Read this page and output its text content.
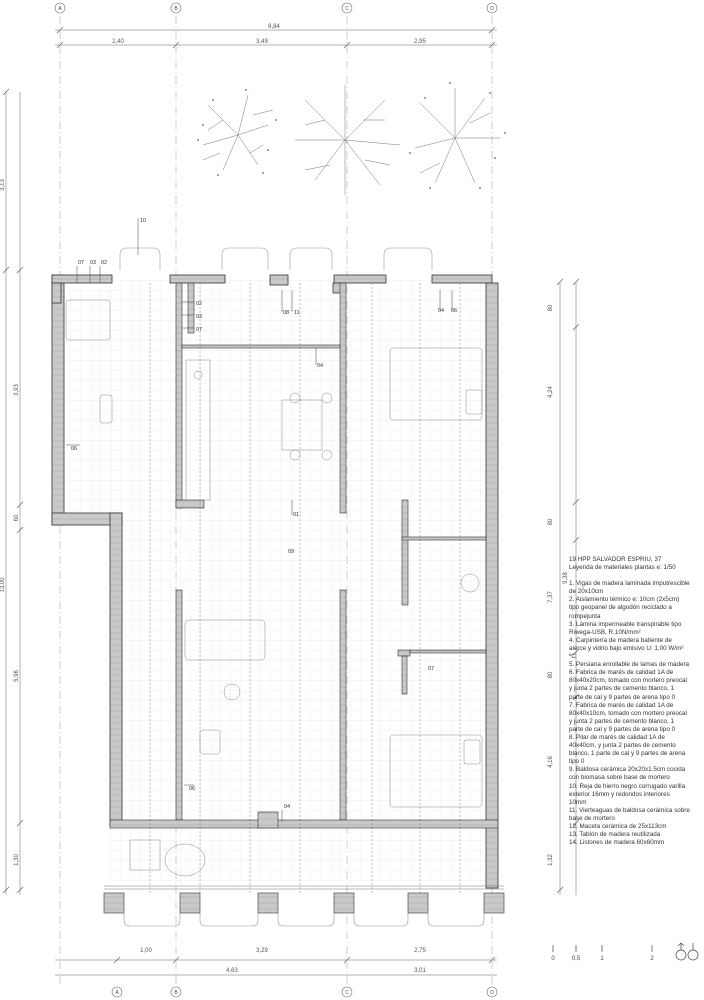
A	B	C	D
A	B	C	D
8,84
2,40	3,49	2,95
1,00	3,29	2,75
4,63	3,01
3,13
13,00
3,93
60
5,96
1,30
9,38
80
4,24
80
7,37
80
4,16
1,32
10
07 03 02
02
03
07
08 11	04 06
04
06
01
09
07
06
04
0	0,5	1	2
19 HPP SALVADOR ESPRIU, 37
Leyenda de materiales plantas e: 1/50
1. Vigas de madera laminada imputrescible
de 20x10cm
2. Aislamiento térmico e: 10cm (2x5cm)
tipo geopanel de algodón reciclado a
rompejunta
3. Lámina impermeable transpirable tipo
Riwega-USB, R.10N/mm²
4. Carpintería de madera batiente de
alerce y vidrio bajo emisivo U: 1,00 W/m²
ºC
5. Persiana enrollable de lamas de madera
6. Fabrica de marés de calidad 1A de
80x40x20cm, tomado con mortero preocal
y junta 2 partes de cemento blanco, 1
parte de cal y 9 partes de arena tipo 0
7. Fabrica de marés de calidad 1A de
80x40x10cm, tomado con mortero preocal
y junta 2 partes de cemento blanco, 1
parte de cal y 9 partes de arena tipo 0
8. Pilar de marés de calidad 1A de
40x40cm, y junta 2 partes de cemento
blanco, 1 parte de cal y 9 partes de arena
tipo 0
9. Baldosa cerámica 20x20x1.5cm cocida
con biomasa sobre base de mortero
10. Reja de hierro negro corrugado varilla
exterior 16mm y redondos interiores
10mm
11. Vierteaguas de baldosa cerámica sobre
base de mortero
12. Maceta cerámica de 25x113cm
13. Tablón de madera reutilizada
14. Listones de madera 60x60mm
